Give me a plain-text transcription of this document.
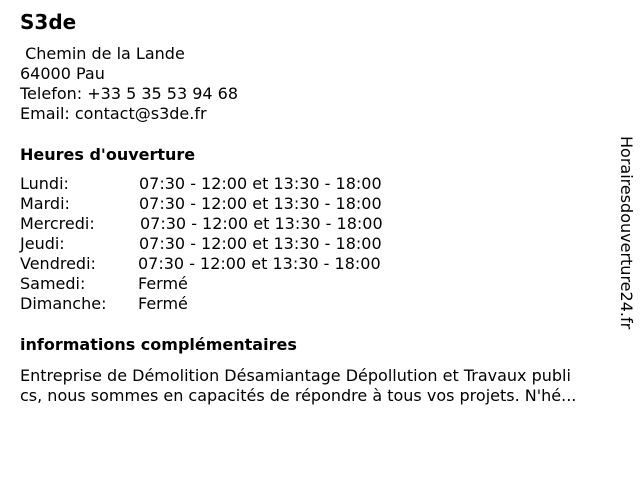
S3de
Chemin de la Lande
64000 Pau
Telefon: +33 5 35 53 94 68
Email: contact@s3de.fr
Heures d'ouverture
Lundi:	07:30 - 12:00 et 13:30 - 18:00
Mardi:	07:30 - 12:00 et 13:30 - 18:00
Mercredi:	07:30 - 12:00 et 13:30 - 18:00
Jeudi:	07:30 - 12:00 et 13:30 - 18:00
Vendredi:	07:30 - 12:00 et 13:30 - 18:00
Samedi:	Fermé
Dimanche: Fermé
informations complémentaires
Entreprise de Démolition Désamiantage Dépollution et Travaux publi
cs, nous sommes en capacités de répondre à tous vos projets. N'hé...
Horairesdouverture24.fr
